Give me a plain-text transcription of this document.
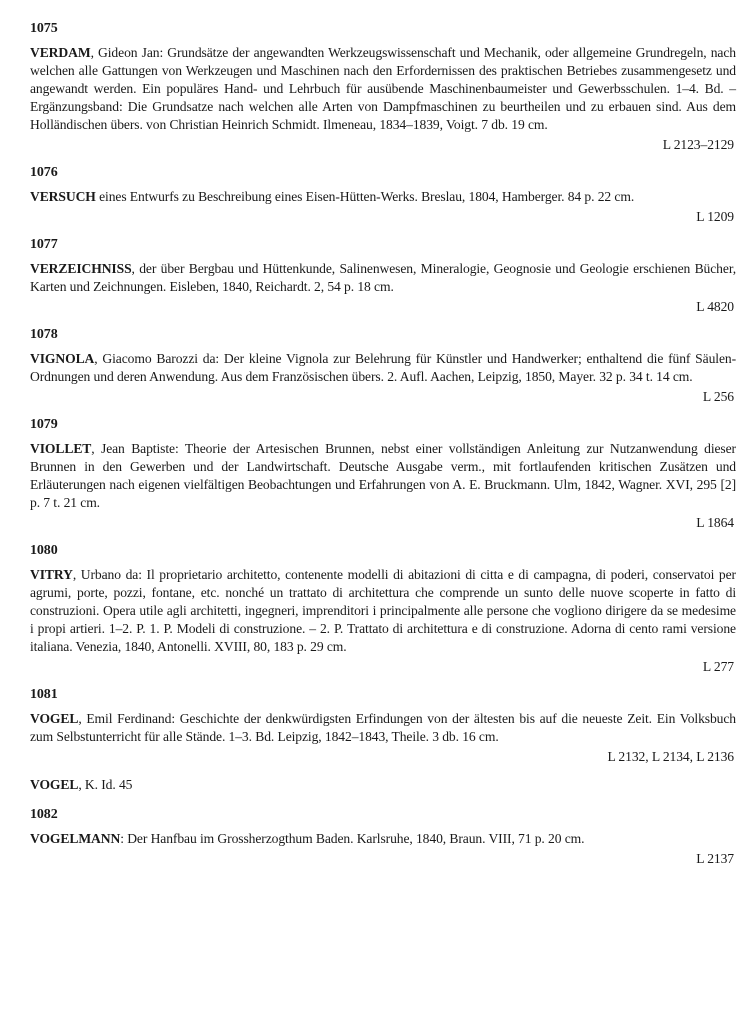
1075

VERDAM, Gideon Jan: Grundsätze der angewandten Werkzeugswissenschaft und Mechanik, oder allgemeine Grundregeln, nach welchen alle Gattungen von Werkzeugen und Maschinen nach den Erfordernissen des praktischen Betriebes zusammengesetz und angewandt werden. Ein populäres Hand- und Lehrbuch für ausübende Maschinenbaumeister und Gewerbsschulen. 1–4. Bd. – Ergänzungsband: Die Grundsatze nach welchen alle Arten von Dampfmaschinen zu beurtheilen und zu erbauen sind. Aus dem Holländischen übers. von Christian Heinrich Schmidt. Ilmeneau, 1834–1839, Voigt. 7 db. 19 cm.

L 2123–2129
1076

VERSUCH eines Entwurfs zu Beschreibung eines Eisen-Hütten-Werks. Breslau, 1804, Hamberger. 84 p. 22 cm.

L 1209
1077

VERZEICHNISS, der über Bergbau und Hüttenkunde, Salinenwesen, Mineralogie, Geognosie und Geologie erschienen Bücher, Karten und Zeichnungen. Eisleben, 1840, Reichardt. 2, 54 p. 18 cm.

L 4820
1078

VIGNOLA, Giacomo Barozzi da: Der kleine Vignola zur Belehrung für Künstler und Handwerker; enthaltend die fünf Säulen-Ordnungen und deren Anwendung. Aus dem Französischen übers. 2. Aufl. Aachen, Leipzig, 1850, Mayer. 32 p. 34 t. 14 cm.

L 256
1079

VIOLLET, Jean Baptiste: Theorie der Artesischen Brunnen, nebst einer vollständigen Anleitung zur Nutzanwendung dieser Brunnen in den Gewerben und der Landwirtschaft. Deutsche Ausgabe verm., mit fortlaufenden kritischen Zusätzen und Erläuterungen nach eigenen vielfältigen Beobachtungen und Erfahrungen von A. E. Bruckmann. Ulm, 1842, Wagner. XVI, 295 [2] p. 7 t. 21 cm.

L 1864
1080

VITRY, Urbano da: Il proprietario architetto, contenente modelli di abitazioni di citta e di campagna, di poderi, conservatoi per agrumi, porte, pozzi, fontane, etc. nonché un trattato di architettura che comprende un sunto delle nuove scoperte in fatto di construzioni. Opera utile agli architetti, ingegneri, imprenditori i principalmente alle persone che vogliono dirigere da se medesime i propi artieri. 1–2. P. 1. P. Modeli di construzione. – 2. P. Trattato di architettura e di construzione. Adorna di cento rami versione italiana. Venezia, 1840, Antonelli. XVIII, 80, 183 p. 29 cm.

L 277
1081

VOGEL, Emil Ferdinand: Geschichte der denkwürdigsten Erfindungen von der ältesten bis auf die neueste Zeit. Ein Volksbuch zum Selbstunterricht für alle Stände. 1–3. Bd. Leipzig, 1842–1843, Theile. 3 db. 16 cm.

L 2132, L 2134, L 2136

VOGEL, K. Id. 45

1082

VOGELMANN: Der Hanfbau im Grossherzogthum Baden. Karlsruhe, 1840, Braun. VIII, 71 p. 20 cm.

L 2137
